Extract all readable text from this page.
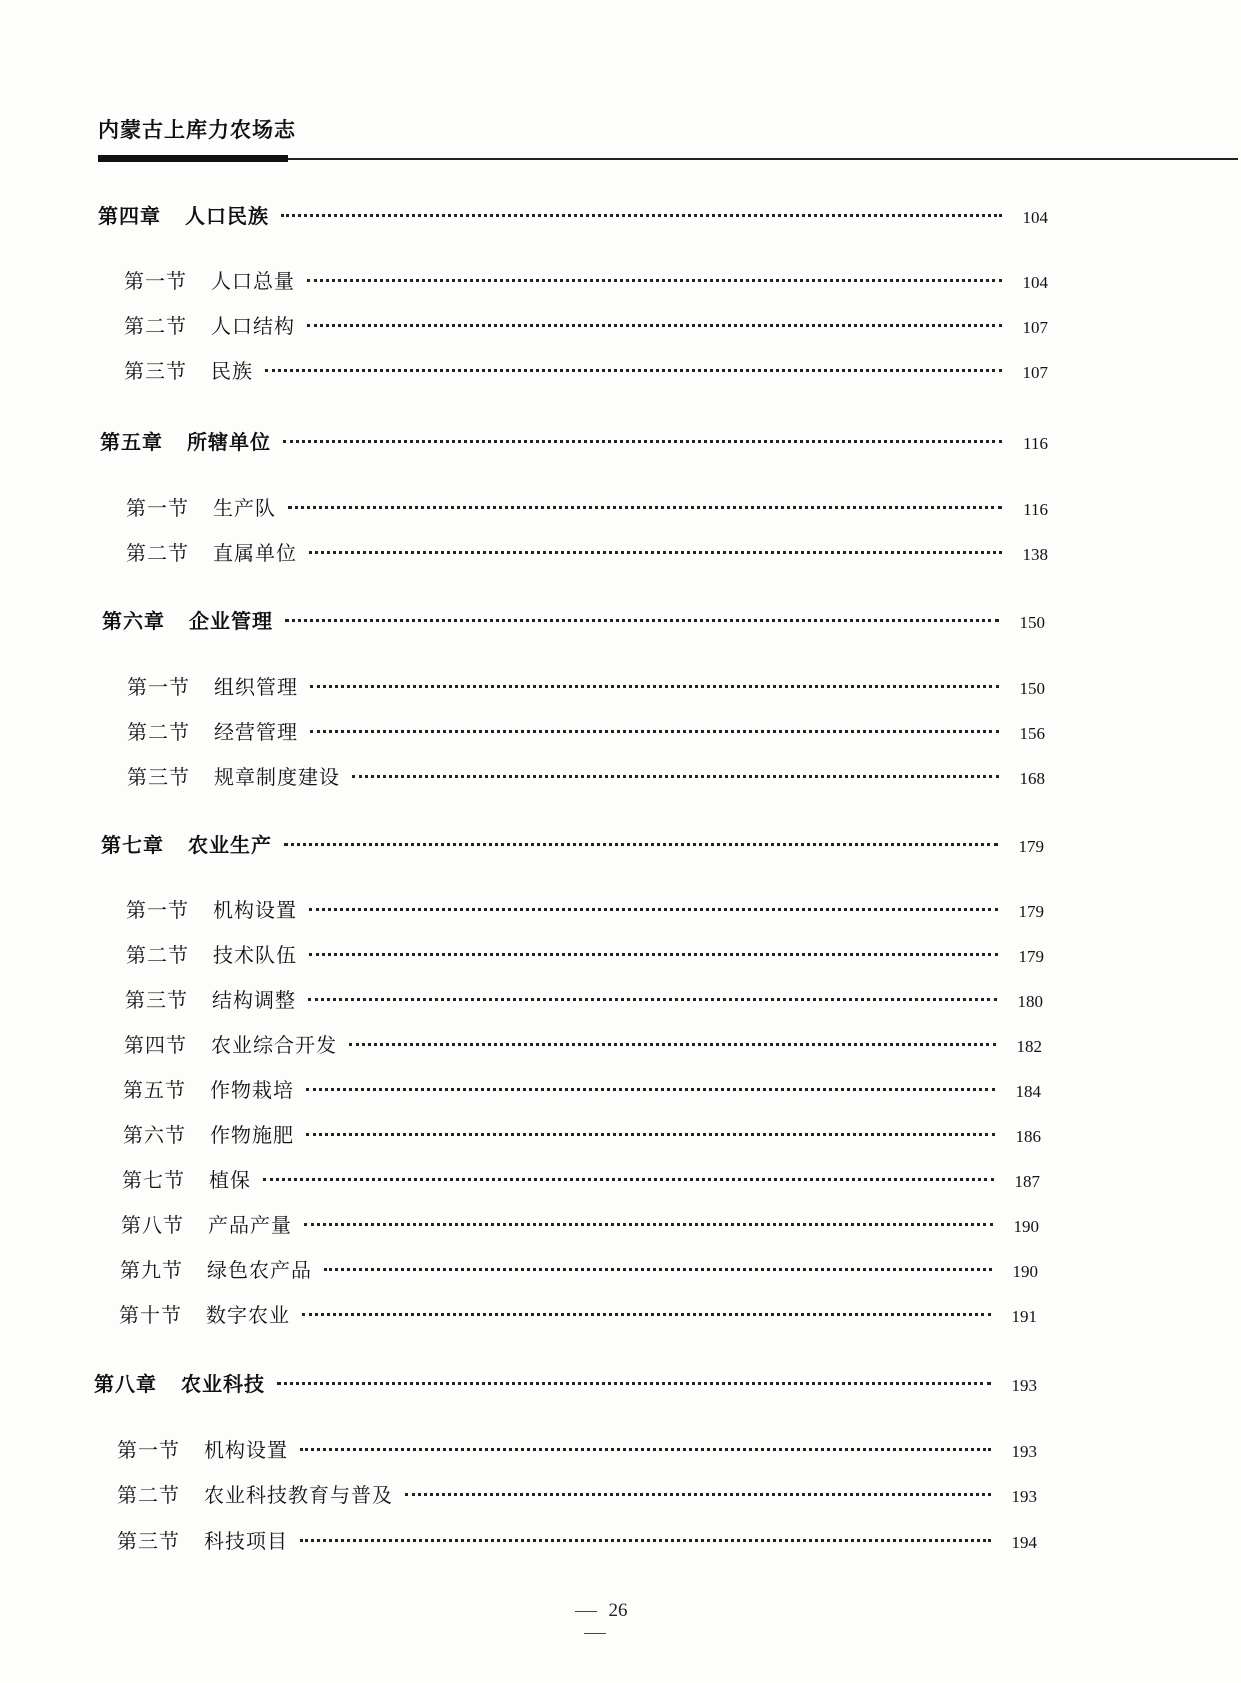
内蒙古上库力农场志
第四章 人口民族	104
第一节 人口总量	104
第二节 人口结构	107
第三节 民族	107
第五章 所辖单位	116
第一节 生产队	116
第二节 直属单位	138
第六章 企业管理	150
第一节 组织管理	150
第二节 经营管理	156
第三节 规章制度建设	168
第七章 农业生产	179
第一节 机构设置	179
第二节 技术队伍	179
第三节 结构调整	180
第四节 农业综合开发	182
第五节 作物栽培	184
第六节 作物施肥	186
第七节 植保	187
第八节 产品产量	190
第九节 绿色农产品	190
第十节 数字农业	191
第八章 农业科技	193
第一节 机构设置	193
第二节 农业科技教育与普及	193
第三节 科技项目	194
26
